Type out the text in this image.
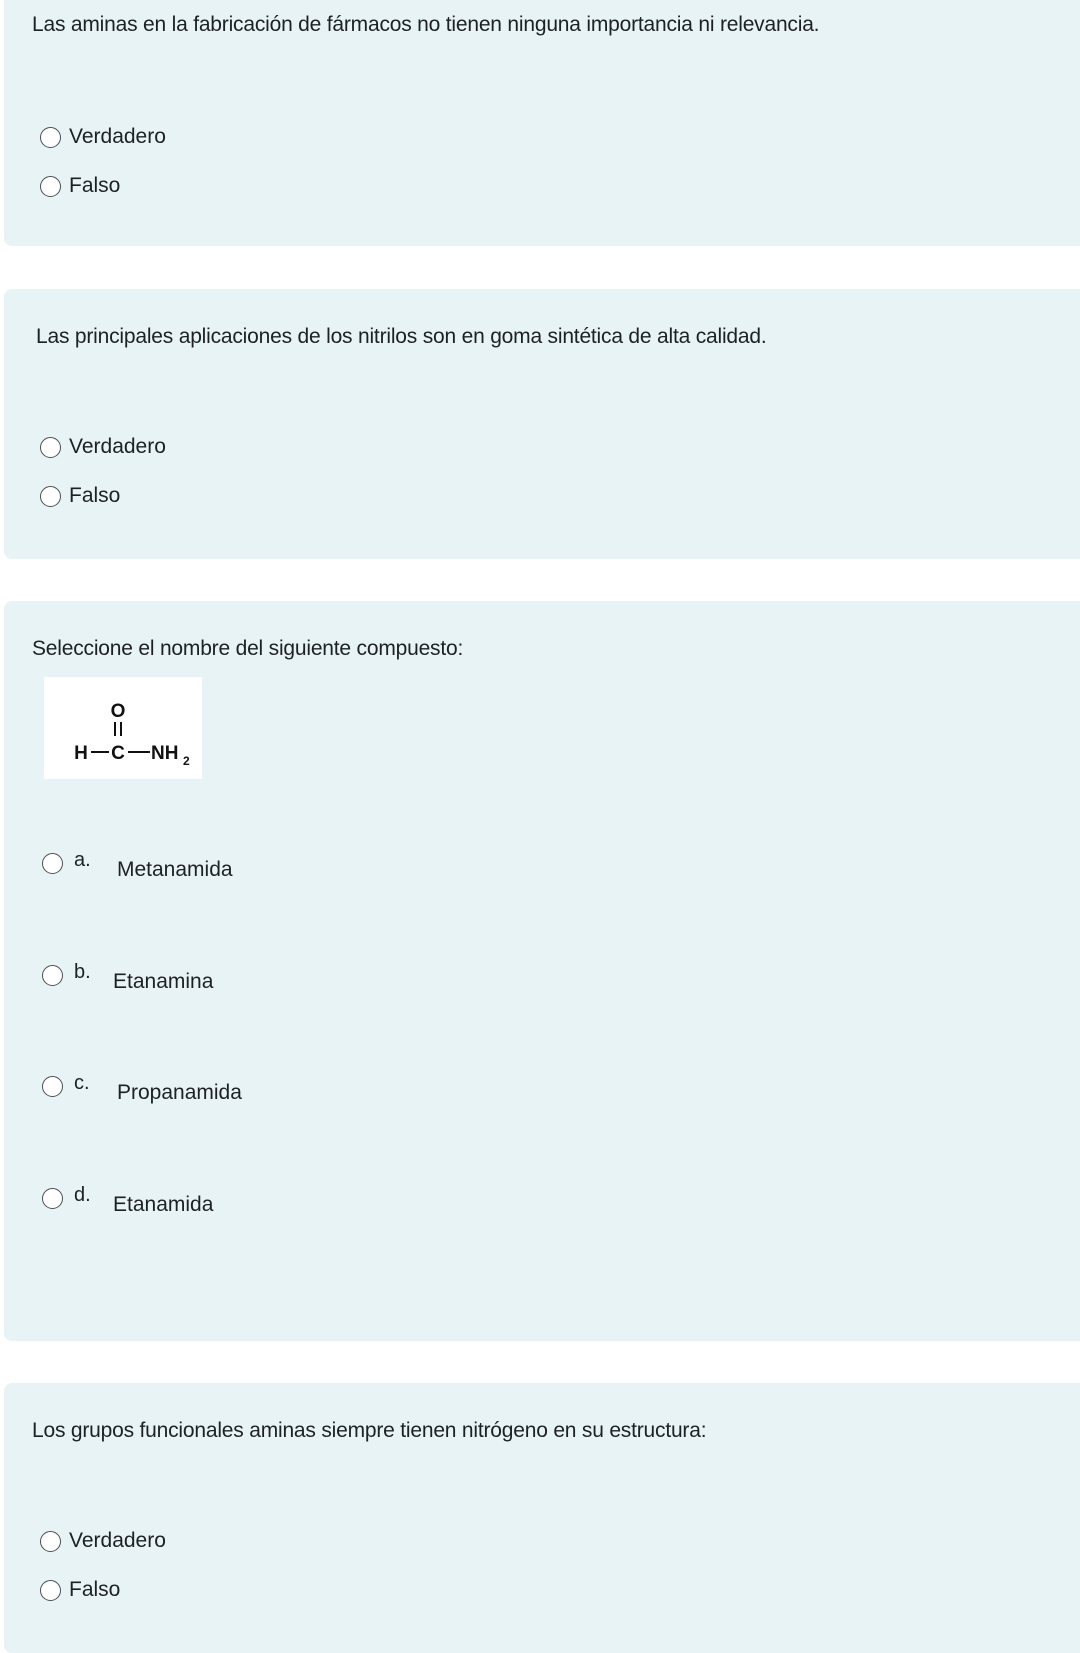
Las aminas en la fabricación de fármacos no tienen ninguna importancia ni relevancia.
Verdadero
Falso
Las principales aplicaciones de los nitrilos son en goma sintética de alta calidad.
Verdadero
Falso
Seleccione el nombre del siguiente compuesto:
O
H C NH 2
a. Metanamida
b. Etanamina
c. Propanamida
d. Etanamida
Los grupos funcionales aminas siempre tienen nitrógeno en su estructura:
Verdadero
Falso
